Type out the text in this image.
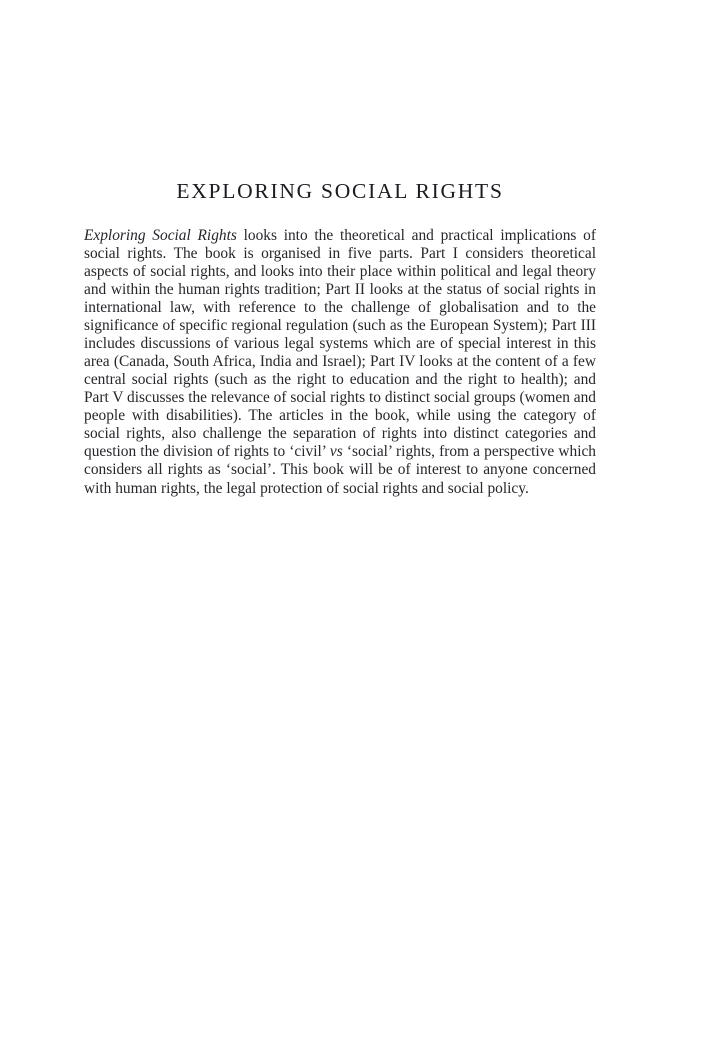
EXPLORING SOCIAL RIGHTS

Exploring Social Rights looks into the theoretical and practical implications of social rights. The book is organised in five parts. Part I considers theoretical aspects of social rights, and looks into their place within political and legal theory and within the human rights tradition; Part II looks at the status of social rights in international law, with reference to the challenge of globalisation and to the significance of specific regional regulation (such as the European System); Part III includes discussions of various legal systems which are of special interest in this area (Canada, South Africa, India and Israel); Part IV looks at the content of a few central social rights (such as the right to education and the right to health); and Part V discusses the relevance of social rights to distinct social groups (women and people with disabilities). The articles in the book, while using the category of social rights, also challenge the separation of rights into distinct categories and question the division of rights to ‘civil’ vs ‘social’ rights, from a perspective which considers all rights as ‘social’. This book will be of interest to anyone concerned with human rights, the legal protection of social rights and social policy.
